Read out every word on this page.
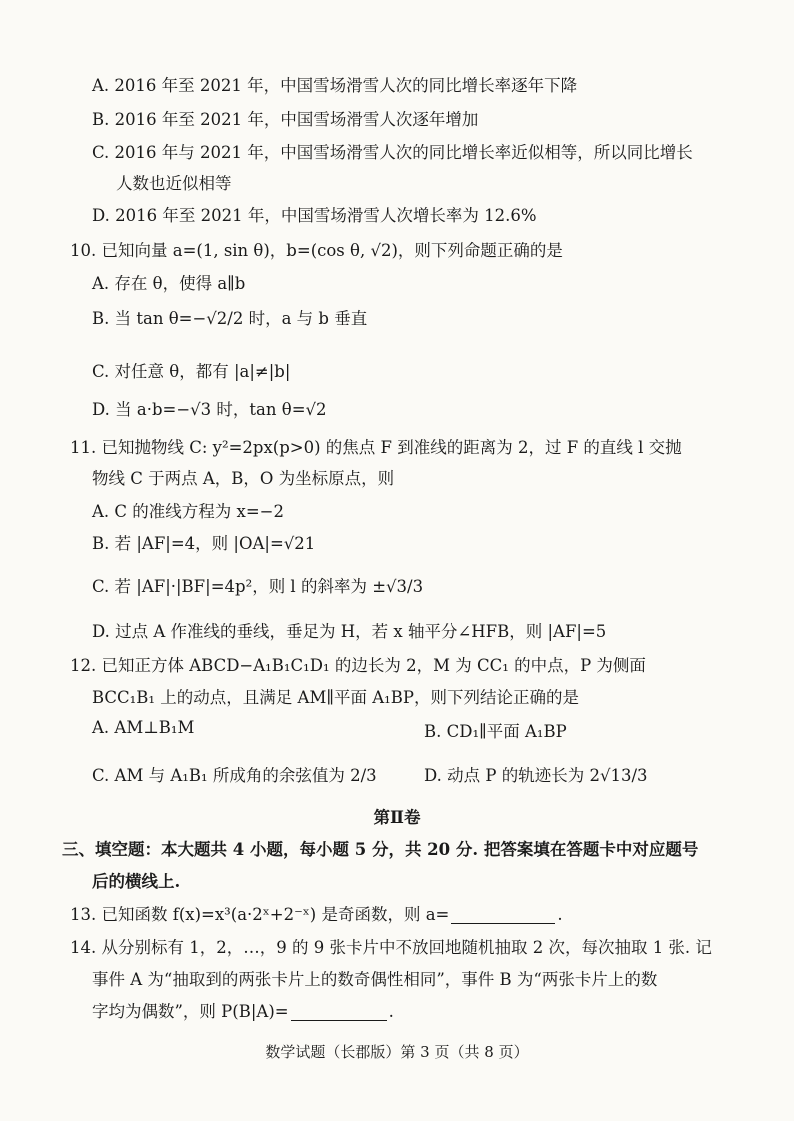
A. 2016 年至 2021 年，中国雪场滑雪人次的同比增长率逐年下降
B. 2016 年至 2021 年，中国雪场滑雪人次逐年增加
C. 2016 年与 2021 年，中国雪场滑雪人次的同比增长率近似相等，所以同比增长
人数也近似相等
D. 2016 年至 2021 年，中国雪场滑雪人次增长率为 12.6%
10. 已知向量 a=(1, sin θ)，b=(cos θ, √2)，则下列命题正确的是
A. 存在 θ，使得 a∥b
B. 当 tan θ=−√2/2 时，a 与 b 垂直
C. 对任意 θ，都有 |a|≠|b|
D. 当 a·b=−√3 时，tan θ=√2
11. 已知抛物线 C: y²=2px(p>0) 的焦点 F 到准线的距离为 2，过 F 的直线 l 交抛
物线 C 于两点 A，B，O 为坐标原点，则
A. C 的准线方程为 x=−2
B. 若 |AF|=4，则 |OA|=√21
C. 若 |AF|·|BF|=4p²，则 l 的斜率为 ±√3/3
D. 过点 A 作准线的垂线，垂足为 H，若 x 轴平分∠HFB，则 |AF|=5
12. 已知正方体 ABCD−A₁B₁C₁D₁ 的边长为 2，M 为 CC₁ 的中点，P 为侧面
BCC₁B₁ 上的动点，且满足 AM∥平面 A₁BP，则下列结论正确的是
A. AM⊥B₁M	B. CD₁∥平面 A₁BP
C. AM 与 A₁B₁ 所成角的余弦值为 2/3	D. 动点 P 的轨迹长为 2√13/3
第Ⅱ卷
三、填空题：本大题共 4 小题，每小题 5 分，共 20 分. 把答案填在答题卡中对应题号
后的横线上.
13. 已知函数 f(x)=x³(a·2ˣ+2⁻ˣ) 是奇函数，则 a=	.
14. 从分别标有 1，2，…，9 的 9 张卡片中不放回地随机抽取 2 次，每次抽取 1 张. 记
事件 A 为“抽取到的两张卡片上的数奇偶性相同”，事件 B 为“两张卡片上的数
字均为偶数”，则 P(B|A)=	.
数学试题（长郡版）第 3 页（共 8 页）
